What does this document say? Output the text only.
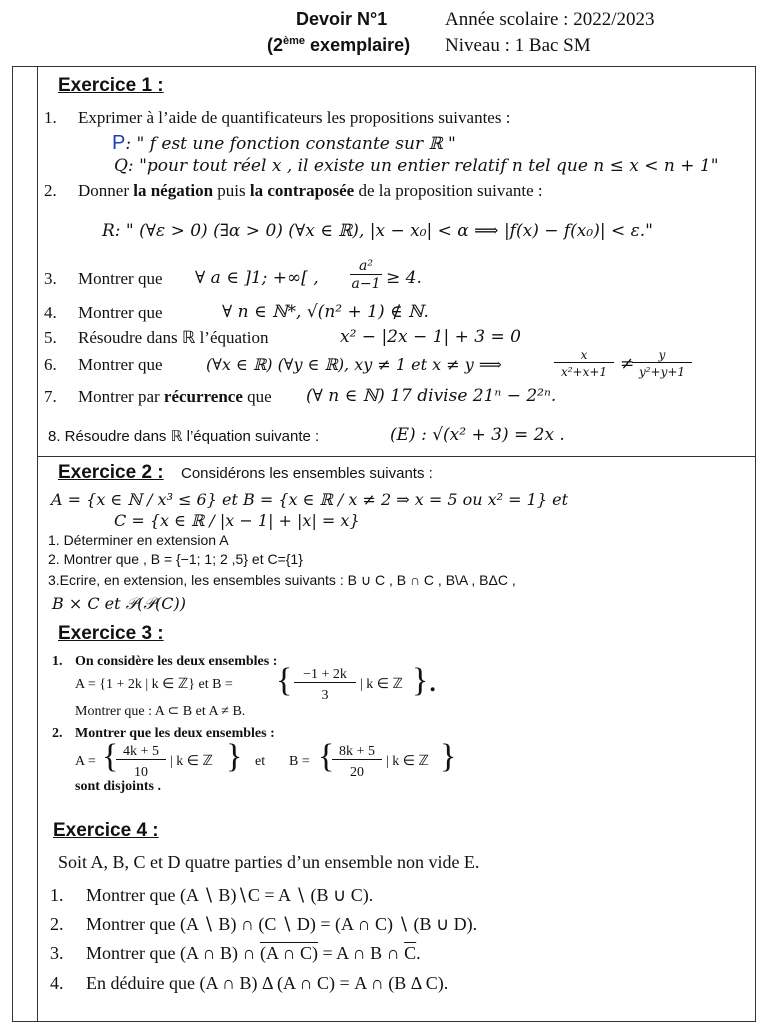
Devoir N°1
(2ème exemplaire)
Année scolaire : 2022/2023
Niveau : 1 Bac SM
Exercice 1 :
1. Exprimer à l’aide de quantificateurs les propositions suivantes :
P: " f est une fonction constante sur ℝ "
Q: "pour tout réel x , il existe un entier relatif n tel que n ≤ x < n + 1"
2. Donner la négation puis la contraposée de la proposition suivante :
R: " (∀ε > 0) (∃α > 0) (∀x ∈ ℝ), |x − x₀| < α ⟹ |f(x) − f(x₀)| < ε."
3. Montrer que ∀ a ∈ ]1; +∞[ ,
a²
a−1 ≥ 4.
4. Montrer que	∀ n ∈ ℕ*, √(n² + 1) ∉ ℕ.
5. Résoudre dans ℝ l’équation	x² − |2x − 1| + 3 = 0
6. Montrer que	(∀x ∈ ℝ) (∀y ∈ ℝ), xy ≠ 1 et x ≠ y ⟹	x
x²+x+1 ≠	y
y²+y+1
7. Montrer par récurrence que (∀ n ∈ ℕ) 17 divise 21ⁿ − 2²ⁿ.
8. Résoudre dans ℝ l’équation suivante :	(E) : √(x² + 3) = 2x .
Exercice 2 : Considérons les ensembles suivants :
A = {x ∈ ℕ / x³ ≤ 6} et B = {x ∈ ℝ / x ≠ 2 ⇒ x = 5 ou x² = 1} et
C = {x ∈ ℝ / |x − 1| + |x| = x}
1. Déterminer en extension A
2. Montrer que , B = {−1; 1; 2 ,5} et C={1}
3.Ecrire, en extension, les ensembles suivants : B ∪ C , B ∩ C , B\A , BΔC ,
B × C et 𝒫(𝒫(C))
Exercice 3 :
1. On considère les deux ensembles :
A = {1 + 2k | k ∈ ℤ} et B = { −1 + 2k
3
| k ∈ ℤ }.
Montrer que : A ⊂ B et A ≠ B.
2. Montrer que les deux ensembles :
A = { 4k + 5
10
| k ∈ ℤ } et B = { 8k + 5
20
| k ∈ ℤ }
sont disjoints .
Exercice 4 :
Soit A, B, C et D quatre parties d’un ensemble non vide E.
1. Montrer que (A ∖ B)∖C = A ∖ (B ∪ C).
2. Montrer que (A ∖ B) ∩ (C ∖ D) = (A ∩ C) ∖ (B ∪ D).
3. Montrer que (A ∩ B) ∩ (A ∩ C) = A ∩ B ∩ $\overline{C}$.
4. En déduire que (A ∩ B) Δ (A ∩ C) = A ∩ (B Δ C).
